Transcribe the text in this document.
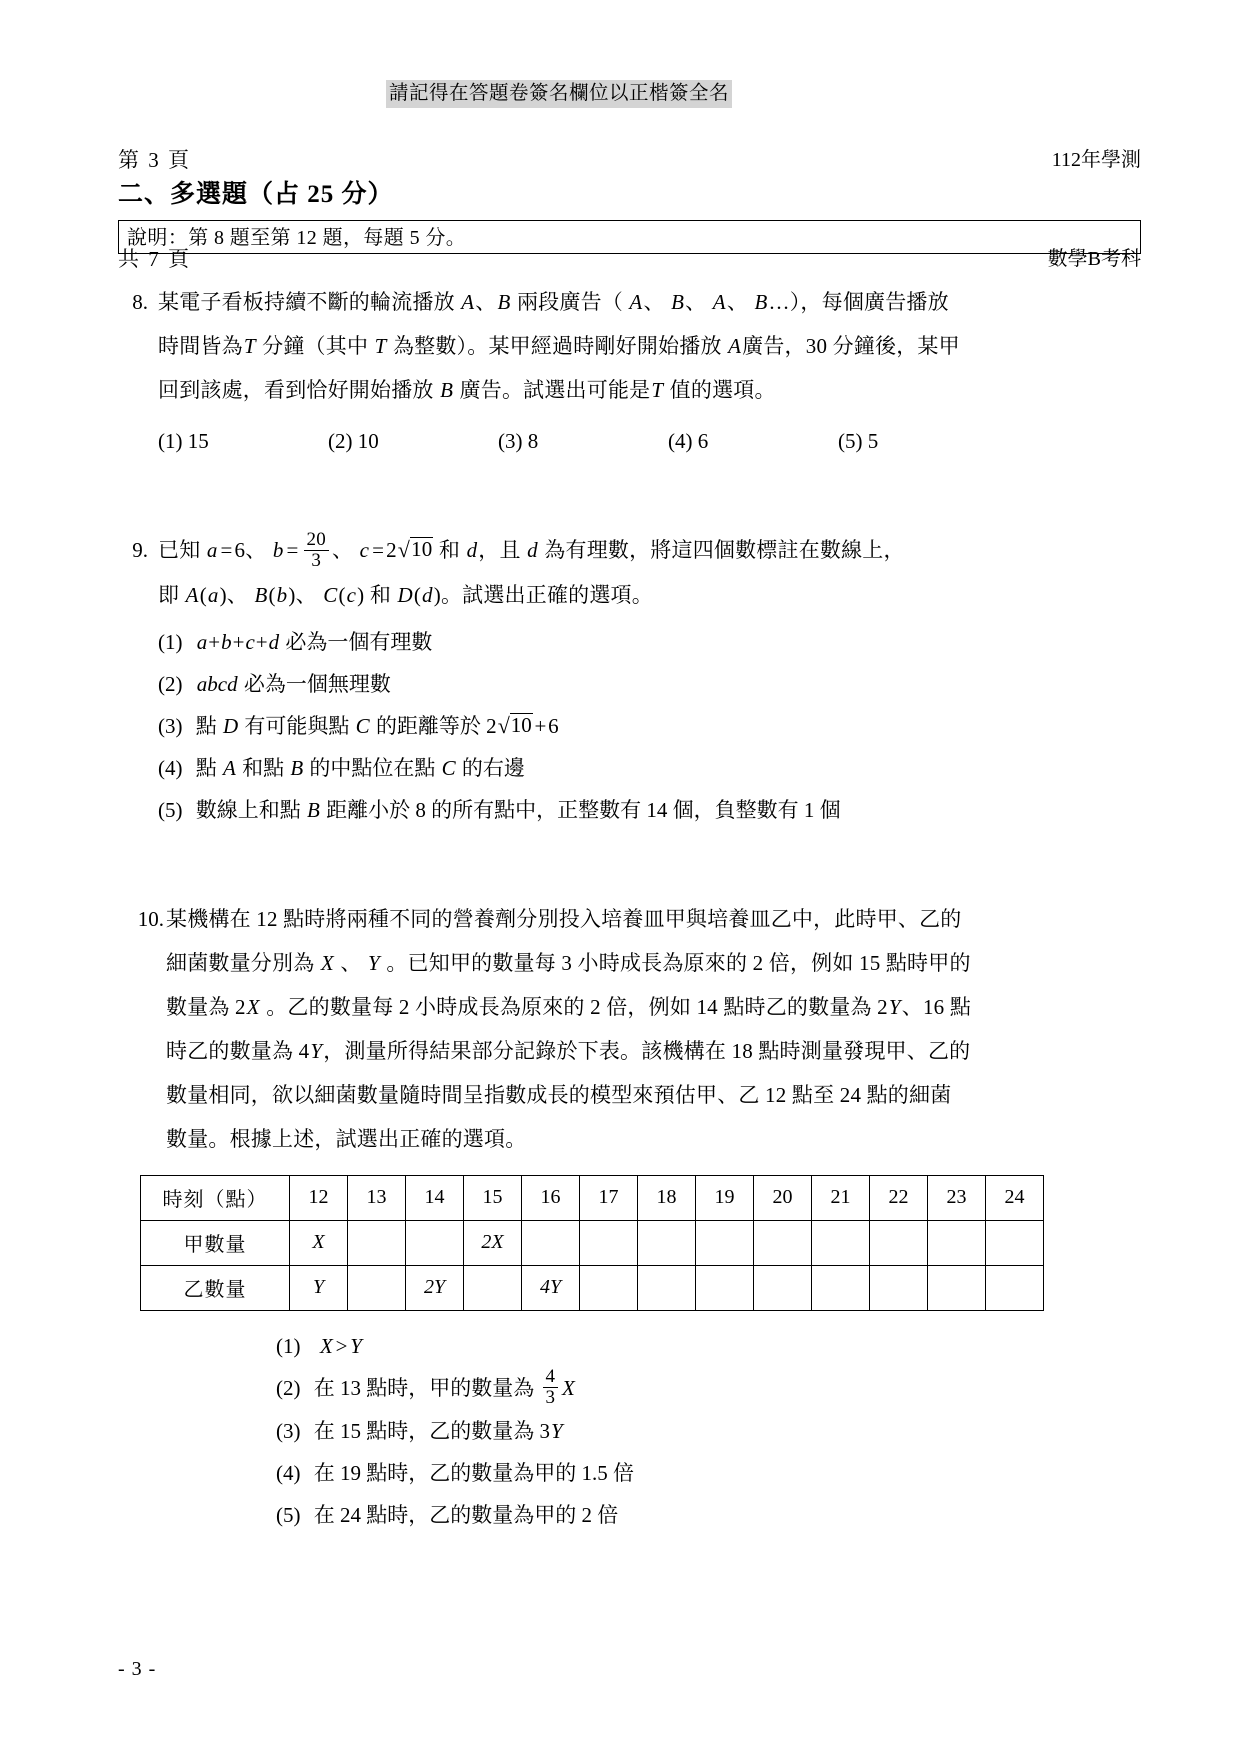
第 3 頁

共 7 頁

請記得在答題卷簽名欄位以正楷簽全名

112年學測

數學B考科

二、多選題（占 25 分）
說明：第 8 題至第 12 題，每題 5 分。
8. 某電子看板持續不斷的輪流播放 A、B 兩段廣告（ A、 B、 A、 B…），每個廣告播放
時間皆為T 分鐘（其中 T 為整數）。某甲經過時剛好開始播放 A廣告，30 分鐘後，某甲
回到該處，看到恰好開始播放 B 廣告。試選出可能是T 值的選項。
(1) 15	(2) 10	(3) 8	(4) 6	(5) 5
9. 已知 a = 6、 b =  $\frac{20}{3}$ 、 c = 2√10 和 d，且 d 為有理數，將這四個數標註在數線上，
即 A(a)、 B(b)、 C(c) 和 D(d)。試選出正確的選項。
(1) a+b+c+d 必為一個有理數
(2) abcd 必為一個無理數
(3) 點 D 有可能與點 C 的距離等於 2√10 + 6
(4) 點 A 和點 B 的中點位在點 C 的右邊
(5) 數線上和點 B 距離小於 8 的所有點中，正整數有 14 個，負整數有 1 個
10. 某機構在 12 點時將兩種不同的營養劑分別投入培養皿甲與培養皿乙中，此時甲、乙的
細菌數量分別為 X 、 Y 。已知甲的數量每 3 小時成長為原來的 2 倍，例如 15 點時甲的
數量為 2X 。乙的數量每 2 小時成長為原來的 2 倍，例如 14 點時乙的數量為 2Y、16 點
時乙的數量為 4Y，測量所得結果部分記錄於下表。該機構在 18 點時測量發現甲、乙的
數量相同，欲以細菌數量隨時間呈指數成長的模型來預估甲、乙 12 點至 24 點的細菌
數量。根據上述，試選出正確的選項。
時刻（點）	12	13	14	15	16	17	18	19	20	21	22	23	24
甲數量	X			2X									
乙數量	Y		2Y		4Y								
(1) X > Y
(2) 在 13 點時，甲的數量為 $\frac{4}{3}$ X
(3) 在 15 點時，乙的數量為 3Y
(4) 在 19 點時，乙的數量為甲的 1.5 倍
(5) 在 24 點時，乙的數量為甲的 2 倍
- 3 -
